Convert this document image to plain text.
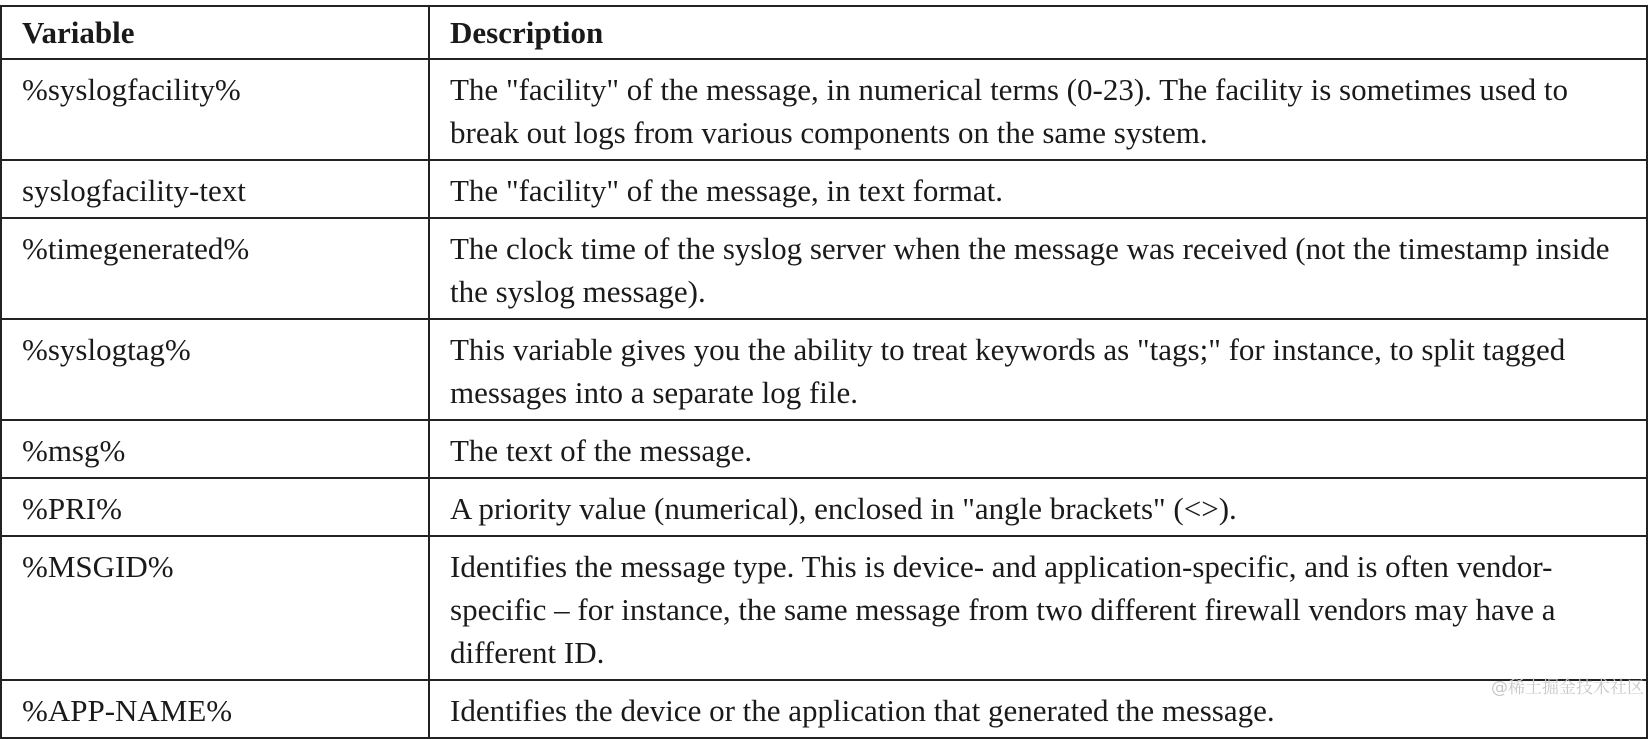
Variable	Description
%syslogfacility%	The "facility" of the message, in numerical terms (0-23). The facility is sometimes used to break out logs from various components on the same system.
syslogfacility-text	The "facility" of the message, in text format.
%timegenerated%	The clock time of the syslog server when the message was received (not the timestamp inside the syslog message).
%syslogtag%	This variable gives you the ability to treat keywords as "tags;" for instance, to split tagged messages into a separate log file.
%msg%	The text of the message.
%PRI%	A priority value (numerical), enclosed in "angle brackets" (<>).
%MSGID%	Identifies the message type. This is device- and application-specific, and is often vendor-specific – for instance, the same message from two different firewall vendors may have a different ID.
%APP-NAME%	Identifies the device or the application that generated the message.
@稀土掘金技术社区
